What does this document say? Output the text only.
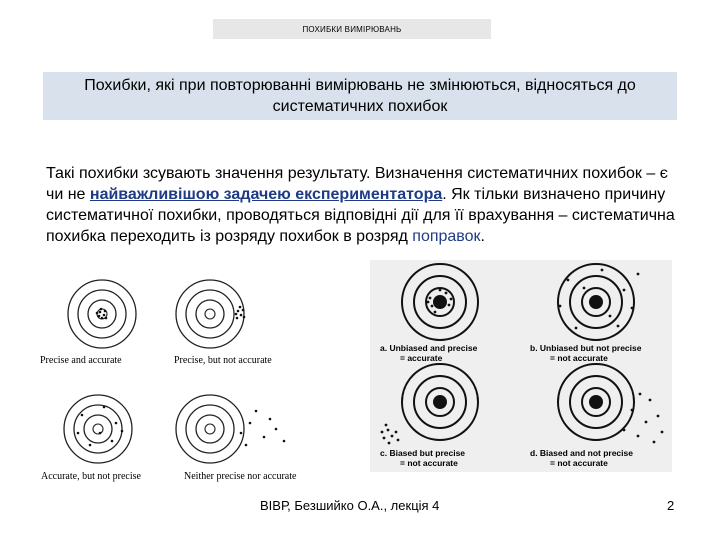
ПОХИБКИ ВИМІРЮВАНЬ
Похибки, які при повторюванні вимірювань не змінюються, відносяться до систематичних похибок
Такі похибки зсувають значення результату. Визначення систематичних похибок – є чи не найважливішою задачею експериментатора. Як тільки визначено причину систематичної похибки, проводяться відповідні дії для її врахування – систематична похибка переходить із розряду похибок в розряд поправок.
Precise and accurate	Precise, but not accurate
Accurate, but not precise	Neither precise nor accurate
a. Unbiased and precise
= accurate
b. Unbiased but not precise
= not accurate
c. Biased but precise
= not accurate
d. Biased and not precise
= not accurate
ВІВР, Безшийко О.А., лекція 4	2
